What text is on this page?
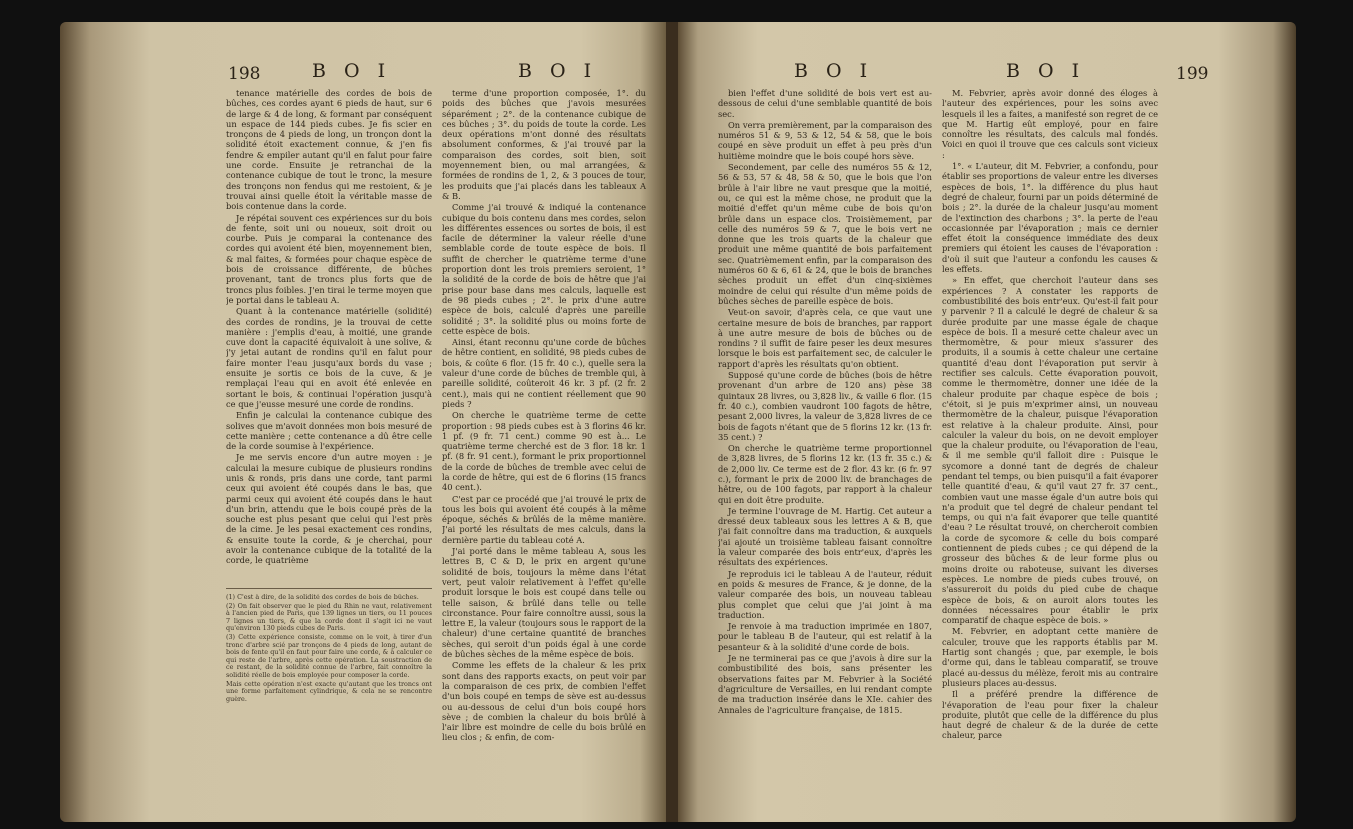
198	B O I	B O I

tenance matérielle des cordes de bois de bûches, ces cordes ayant 6 pieds de haut, sur 6 de large & 4 de long, & formant par conséquent un espace de 144 pieds cubes. Je fis scier en tronçons de 4 pieds de long, un tronçon dont la solidité étoit exactement connue, & j'en fis fendre & empiler autant qu'il en falut pour faire une corde. Ensuite je retranchai de la contenance cubique de tout le tronc, la mesure des tronçons non fendus qui me restoient, & je trouvai ainsi quelle étoit la véritable masse de bois contenue dans la corde.

Je répétai souvent ces expériences sur du bois de fente, soit uni ou noueux, soit droit ou courbe. Puis je comparai la contenance des cordes qui avoient été bien, moyennement bien, & mal faites, & formées pour chaque espèce de bois de croissance différente, de bûches provenant, tant de troncs plus forts que de troncs plus foibles. J'en tirai le terme moyen que je portai dans le tableau A.

Quant à la contenance matérielle (solidité) des cordes de rondins, je la trouvai de cette manière : j'emplis d'eau, à moitié, une grande cuve dont la capacité équivaloit à une solive, & j'y jetai autant de rondins qu'il en falut pour faire monter l'eau jusqu'aux bords du vase ; ensuite je sortis ce bois de la cuve, & je remplaçai l'eau qui en avoit été enlevée en sortant le bois, & continuai l'opération jusqu'à ce que j'eusse mesuré une corde de rondins.

Enfin je calculai la contenance cubique des solives que m'avoit données mon bois mesuré de cette manière ; cette contenance a dû être celle de la corde soumise à l'expérience.

Je me servis encore d'un autre moyen : je calculai la mesure cubique de plusieurs rondins unis & ronds, pris dans une corde, tant parmi ceux qui avoient été coupés dans le bas, que parmi ceux qui avoient été coupés dans le haut d'un brin, attendu que le bois coupé près de la souche est plus pesant que celui qui l'est près de la cime. Je les pesai exactement ces rondins, & ensuite toute la corde, & je cherchai, pour avoir la contenance cubique de la totalité de la corde, le quatrième

(1) C'est à dire, de la solidité des cordes de bois de bûches.

(2) On fait observer que le pied du Rhin ne vaut, relativement à l'ancien pied de Paris, que 139 lignes un tiers, ou 11 pouces 7 lignes un tiers, & que la corde dont il s'agit ici ne vaut qu'environ 130 pieds cubes de Paris.

(3) Cette expérience consiste, comme on le voit, à tirer d'un tronc d'arbre scié par tronçons de 4 pieds de long, autant de bois de fente qu'il en faut pour faire une corde, & à calculer ce qui reste de l'arbre, après cette opération. La soustraction de ce restant, de la solidité connue de l'arbre, fait connoître la solidité réelle de bois employée pour composer la corde.

Mais cette opération n'est exacte qu'autant que les troncs ont une forme parfaitement cylindrique, & cela ne se rencontre guère.

terme d'une proportion composée, 1°. du poids des bûches que j'avois mesurées séparément ; 2°. de la contenance cubique de ces bûches ; 3°. du poids de toute la corde. Les deux opérations m'ont donné des résultats absolument conformes, & j'ai trouvé par la comparaison des cordes, soit bien, soit moyennement bien, ou mal arrangées, & formées de rondins de 1, 2, & 3 pouces de tour, les produits que j'ai placés dans les tableaux A & B.

Comme j'ai trouvé & indiqué la contenance cubique du bois contenu dans mes cordes, selon les différentes essences ou sortes de bois, il est facile de déterminer la valeur réelle d'une semblable corde de toute espèce de bois. Il suffit de chercher le quatrième terme d'une proportion dont les trois premiers seroient, 1° la solidité de la corde de bois de hêtre que j'ai prise pour base dans mes calculs, laquelle est de 98 pieds cubes ; 2°. le prix d'une autre espèce de bois, calculé d'après une pareille solidité ; 3°. la solidité plus ou moins forte de cette espèce de bois.

Ainsi, étant reconnu qu'une corde de bûches de hêtre contient, en solidité, 98 pieds cubes de bois, & coûte 6 flor. (15 fr. 40 c.), quelle sera la valeur d'une corde de bûches de tremble qui, à pareille solidité, coûteroit 46 kr. 3 pf. (2 fr. 2 cent.), mais qui ne contient réellement que 90 pieds ?

On cherche le quatrième terme de cette proportion : 98 pieds cubes est à 3 florins 46 kr. 1 pf. (9 fr. 71 cent.) comme 90 est à... Le quatrième terme cherché est de 3 flor. 18 kr. 1 pf. (8 fr. 91 cent.), formant le prix proportionnel de la corde de bûches de tremble avec celui de la corde de hêtre, qui est de 6 florins (15 francs 40 cent.).

C'est par ce procédé que j'ai trouvé le prix de tous les bois qui avoient été coupés à la même époque, séchés & brûlés de la même manière. J'ai porté les résultats de mes calculs, dans la dernière partie du tableau coté A.

J'ai porté dans le même tableau A, sous les lettres B, C & D, le prix en argent qu'une solidité de bois, toujours la même dans l'état vert, peut valoir relativement à l'effet qu'elle produit lorsque le bois est coupé dans telle ou telle saison, & brûlé dans telle ou telle circonstance. Pour faire connoître aussi, sous la lettre E, la valeur (toujours sous le rapport de la chaleur) d'une certaine quantité de branches sèches, qui seroit d'un poids égal à une corde de bûches sèches de la même espèce de bois.

Comme les effets de la chaleur & les prix sont dans des rapports exacts, on peut voir par la comparaison de ces prix, de combien l'effet d'un bois coupé en temps de sève est au-dessus ou au-dessous de celui d'un bois coupé hors sève ; de combien la chaleur du bois brûlé à l'air libre est moindre de celle du bois brûlé en lieu clos ; & enfin, de com-

B O I	B O I	199

bien l'effet d'une solidité de bois vert est au-dessous de celui d'une semblable quantité de bois sec.

On verra premièrement, par la comparaison des numéros 51 & 9, 53 & 12, 54 & 58, que le bois coupé en sève produit un effet à peu près d'un huitième moindre que le bois coupé hors sève.

Secondement, par celle des numéros 55 & 12, 56 & 53, 57 & 48, 58 & 50, que le bois que l'on brûle à l'air libre ne vaut presque que la moitié, ou, ce qui est la même chose, ne produit que la moitié d'effet qu'un même cube de bois qu'on brûle dans un espace clos. Troisièmement, par celle des numéros 59 & 7, que le bois vert ne donne que les trois quarts de la chaleur que produit une même quantité de bois parfaitement sec. Quatrièmement enfin, par la comparaison des numéros 60 & 6, 61 & 24, que le bois de branches sèches produit un effet d'un cinq-sixièmes moindre de celui qui résulte d'un même poids de bûches sèches de pareille espèce de bois.

Veut-on savoir, d'après cela, ce que vaut une certaine mesure de bois de branches, par rapport à une autre mesure de bois de bûches ou de rondins ? il suffit de faire peser les deux mesures lorsque le bois est parfaitement sec, de calculer le rapport d'après les résultats qu'on obtient.

Supposé qu'une corde de bûches (bois de hêtre provenant d'un arbre de 120 ans) pèse 38 quintaux 28 livres, ou 3,828 liv., & vaille 6 flor. (15 fr. 40 c.), combien vaudront 100 fagots de hêtre, pesant 2,000 livres, la valeur de 3,828 livres de ce bois de fagots n'étant que de 5 florins 12 kr. (13 fr. 35 cent.) ?

On cherche le quatrième terme proportionnel de 3,828 livres, de 5 florins 12 kr. (13 fr. 35 c.) & de 2,000 liv. Ce terme est de 2 flor. 43 kr. (6 fr. 97 c.), formant le prix de 2000 liv. de branchages de hêtre, ou de 100 fagots, par rapport à la chaleur qui en doit être produite.

Je termine l'ouvrage de M. Hartig. Cet auteur a dressé deux tableaux sous les lettres A & B, que j'ai fait connoître dans ma traduction, & auxquels j'ai ajouté un troisième tableau faisant connoître la valeur comparée des bois entr'eux, d'après les résultats des expériences.

Je reproduis ici le tableau A de l'auteur, réduit en poids & mesures de France, & je donne, de la valeur comparée des bois, un nouveau tableau plus complet que celui que j'ai joint à ma traduction.

Je renvoie à ma traduction imprimée en 1807, pour le tableau B de l'auteur, qui est relatif à la pesanteur & à la solidité d'une corde de bois.

Je ne terminerai pas ce que j'avois à dire sur la combustibilité des bois, sans présenter les observations faites par M. Febvrier à la Société d'agriculture de Versailles, en lui rendant compte de ma traduction insérée dans le XIe. cahier des Annales de l'agriculture française, de 1815.

M. Febvrier, après avoir donné des éloges à l'auteur des expériences, pour les soins avec lesquels il les a faites, a manifesté son regret de ce que M. Hartig eût employé, pour en faire connoître les résultats, des calculs mal fondés. Voici en quoi il trouve que ces calculs sont vicieux :

1°. « L'auteur, dit M. Febvrier, a confondu, pour établir ses proportions de valeur entre les diverses espèces de bois, 1°. la différence du plus haut degré de chaleur, fourni par un poids déterminé de bois ; 2°. la durée de la chaleur jusqu'au moment de l'extinction des charbons ; 3°. la perte de l'eau occasionnée par l'évaporation ; mais ce dernier effet étoit la conséquence immédiate des deux premiers qui étoient les causes de l'évaporation : d'où il suit que l'auteur a confondu les causes & les effets.

» En effet, que cherchoit l'auteur dans ses expériences ? A constater les rapports de combustibilité des bois entr'eux. Qu'est-il fait pour y parvenir ? Il a calculé le degré de chaleur & sa durée produite par une masse égale de chaque espèce de bois. Il a mesuré cette chaleur avec un thermomètre, & pour mieux s'assurer des produits, il a soumis à cette chaleur une certaine quantité d'eau dont l'évaporation put servir à rectifier ses calculs. Cette évaporation pouvoit, comme le thermomètre, donner une idée de la chaleur produite par chaque espèce de bois ; c'étoit, si je puis m'exprimer ainsi, un nouveau thermomètre de la chaleur, puisque l'évaporation est relative à la chaleur produite. Ainsi, pour calculer la valeur du bois, on ne devoit employer que la chaleur produite, ou l'évaporation de l'eau, & il me semble qu'il falloit dire : Puisque le sycomore a donné tant de degrés de chaleur pendant tel temps, ou bien puisqu'il a fait évaporer telle quantité d'eau, & qu'il vaut 27 fr. 37 cent., combien vaut une masse égale d'un autre bois qui n'a produit que tel degré de chaleur pendant tel temps, ou qui n'a fait évaporer que telle quantité d'eau ? Le résultat trouvé, on chercheroit combien la corde de sycomore & celle du bois comparé contiennent de pieds cubes ; ce qui dépend de la grosseur des bûches & de leur forme plus ou moins droite ou raboteuse, suivant les diverses espèces. Le nombre de pieds cubes trouvé, on s'assureroit du poids du pied cube de chaque espèce de bois, & on auroit alors toutes les données nécessaires pour établir le prix comparatif de chaque espèce de bois. »

M. Febvrier, en adoptant cette manière de calculer, trouve que les rapports établis par M. Hartig sont changés ; que, par exemple, le bois d'orme qui, dans le tableau comparatif, se trouve placé au-dessus du mélèze, feroit mis au contraire plusieurs places au-dessus.

Il a préféré prendre la différence de l'évaporation de l'eau pour fixer la chaleur produite, plutôt que celle de la différence du plus haut degré de chaleur & de la durée de cette chaleur, parce
